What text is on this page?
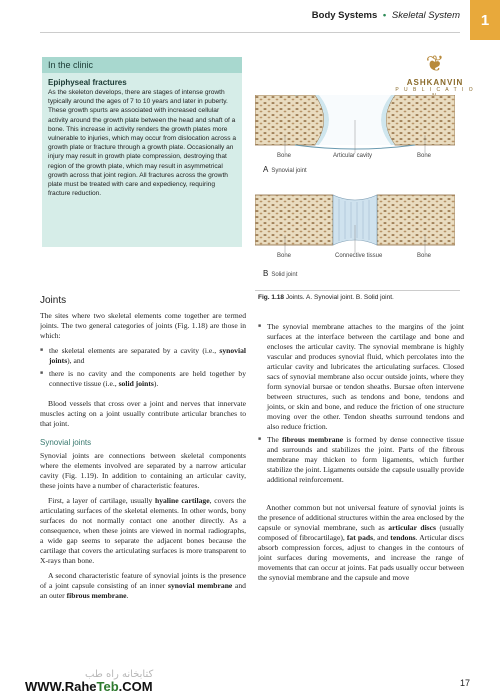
Body Systems • Skeletal System	1
❦
ASHKANVIN
P U B L I C A T I O
In the clinic
Epiphyseal fractures
As the skeleton develops, there are stages of intense growth typically around the ages of 7 to 10 years and later in puberty. These growth spurts are associated with increased cellular activity around the growth plate between the head and shaft of a bone. This increase in activity renders the growth plates more vulnerable to injuries, which may occur from dislocation across a growth plate or fracture through a growth plate. Occasionally an injury may result in growth plate compression, destroying that region of the growth plate, which may result in asymmetrical growth across that joint region. All fractures across the growth plate must be treated with care and expediency, requiring fracture reduction.
Bone	Articular cavity	Bone
A Synovial joint
Bone	Connective tissue	Bone
B Solid joint
Fig. 1.18 Joints. A. Synovial joint. B. Solid joint.
Joints

The sites where two skeletal elements come together are termed joints. The two general categories of joints (Fig. 1.18) are those in which:

■ the skeletal elements are separated by a cavity (i.e., synovial joints), and
■ there is no cavity and the components are held together by connective tissue (i.e., solid joints).

Blood vessels that cross over a joint and nerves that innervate muscles acting on a joint usually contribute articular branches to that joint.

Synovial joints

Synovial joints are connections between skeletal components where the elements involved are separated by a narrow articular cavity (Fig. 1.19). In addition to containing an articular cavity, these joints have a number of characteristic features.

First, a layer of cartilage, usually hyaline cartilage, covers the articulating surfaces of the skeletal elements. In other words, bony surfaces do not normally contact one another directly. As a consequence, when these joints are viewed in normal radiographs, a wide gap seems to separate the adjacent bones because the cartilage that covers the articulating surfaces is more transparent to X-rays than bone.

A second characteristic feature of synovial joints is the presence of a joint capsule consisting of an inner synovial membrane and an outer fibrous membrane.

■ The synovial membrane attaches to the margins of the joint surfaces at the interface between the cartilage and bone and encloses the articular cavity. The synovial membrane is highly vascular and produces synovial fluid, which percolates into the articular cavity and lubricates the articulating surfaces. Closed sacs of synovial membrane also occur outside joints, where they form synovial bursae or tendon sheaths. Bursae often intervene between structures, such as tendons and bone, tendons and joints, or skin and bone, and reduce the friction of one structure moving over the other. Tendon sheaths surround tendons and also reduce friction.
■ The fibrous membrane is formed by dense connective tissue and surrounds and stabilizes the joint. Parts of the fibrous membrane may thicken to form ligaments, which further stabilize the joint. Ligaments outside the capsule usually provide additional reinforcement.

Another common but not universal feature of synovial joints is the presence of additional structures within the area enclosed by the capsule or synovial membrane, such as articular discs (usually composed of fibrocartilage), fat pads, and tendons. Articular discs absorb compression forces, adjust to changes in the contours of joint surfaces during movements, and increase the range of movements that can occur at joints. Fat pads usually occur between the synovial membrane and the capsule and move

کتابخانه راه طب
WWW.RaheTeb.COM	17
